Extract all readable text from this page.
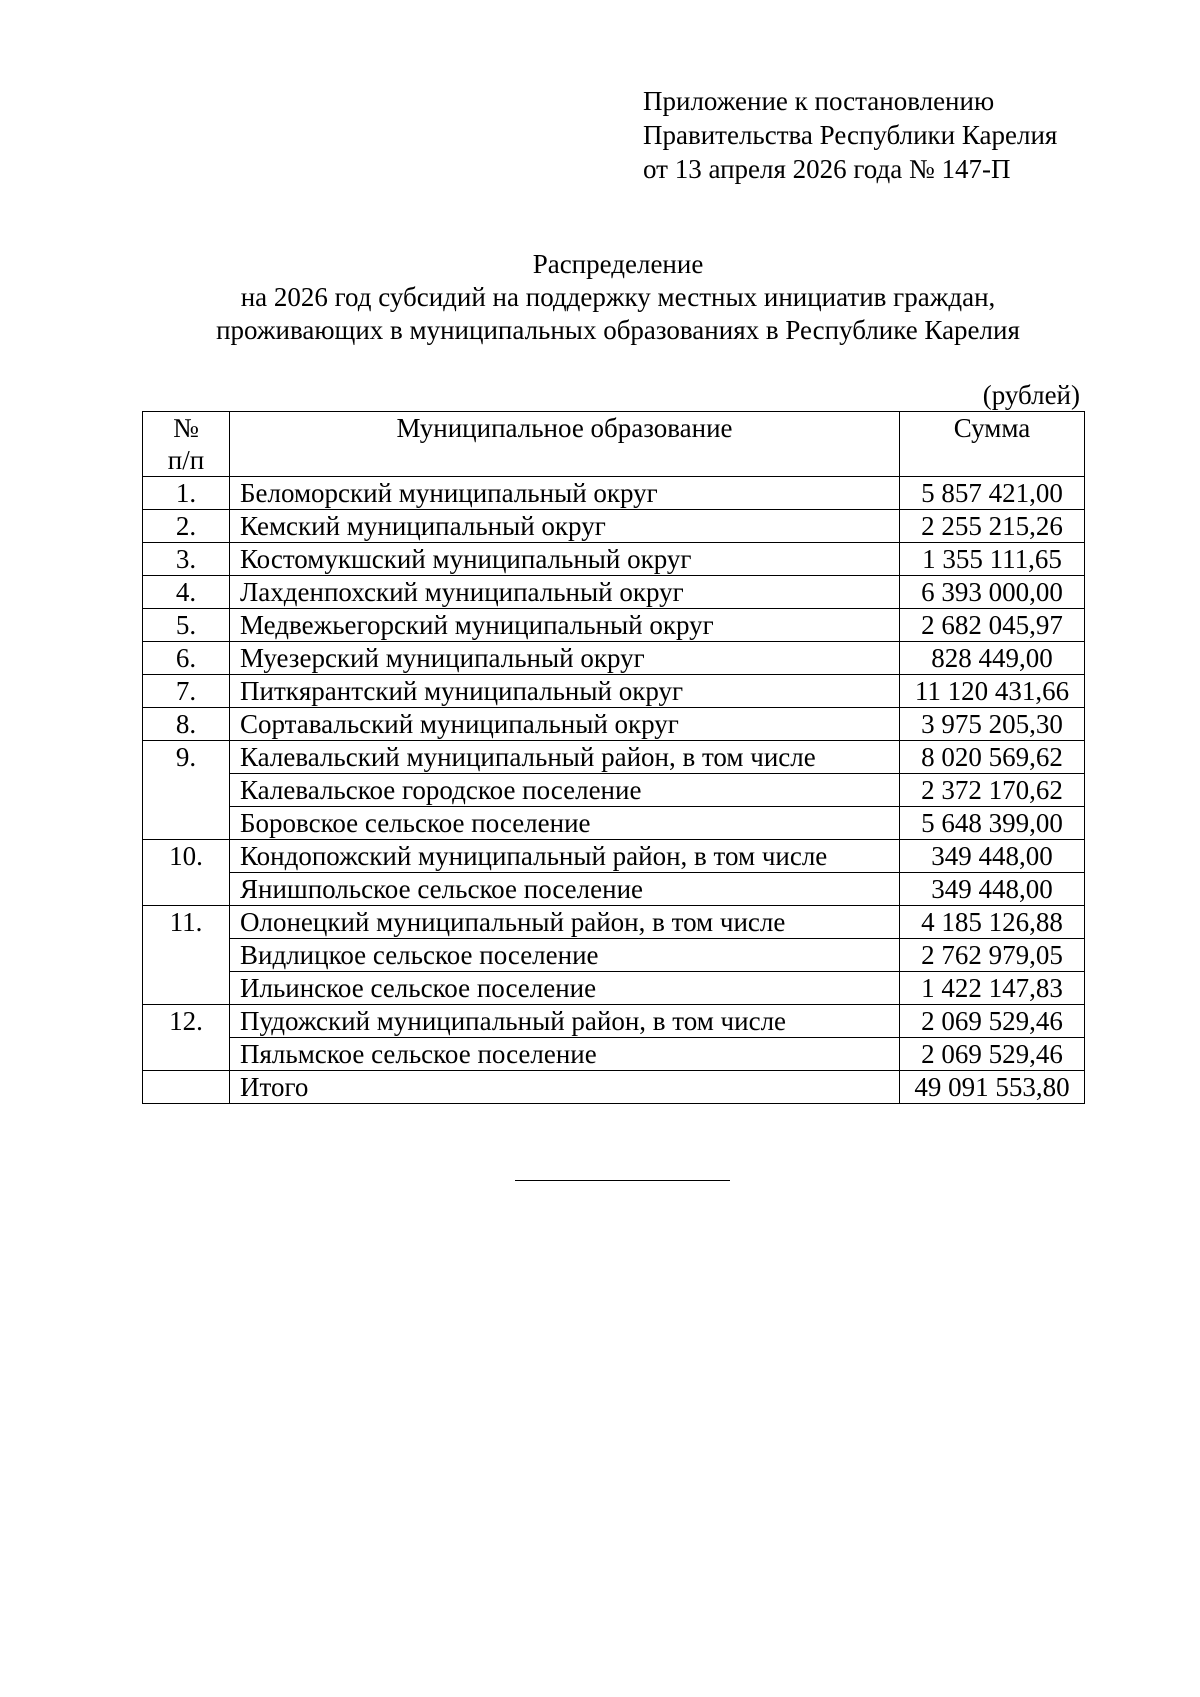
Приложение к постановлению
Правительства Республики Карелия
от 13 апреля 2026 года № 147-П
Распределение
на 2026 год субсидий на поддержку местных инициатив граждан,
проживающих в муниципальных образованиях в Республике Карелия
(рублей)
№
п/п	Муниципальное образование	Сумма
1.	Беломорский муниципальный округ	5 857 421,00
2.	Кемский муниципальный округ	2 255 215,26
3.	Костомукшский муниципальный округ	1 355 111,65
4.	Лахденпохский муниципальный округ	6 393 000,00
5.	Медвежьегорский муниципальный округ	2 682 045,97
6.	Муезерский муниципальный округ	828 449,00
7.	Питкярантский муниципальный округ	11 120 431,66
8.	Сортавальский муниципальный округ	3 975 205,30
9.	Калевальский муниципальный район, в том числе	8 020 569,62
	Калевальское городское поселение	2 372 170,62
	Боровское сельское поселение	5 648 399,00
10.	Кондопожский муниципальный район, в том числе	349 448,00
	Янишпольское сельское поселение	349 448,00
11.	Олонецкий муниципальный район, в том числе	4 185 126,88
	Видлицкое сельское поселение	2 762 979,05
	Ильинское сельское поселение	1 422 147,83
12.	Пудожский муниципальный район, в том числе	2 069 529,46
	Пяльмское сельское поселение	2 069 529,46
	Итого	49 091 553,80
